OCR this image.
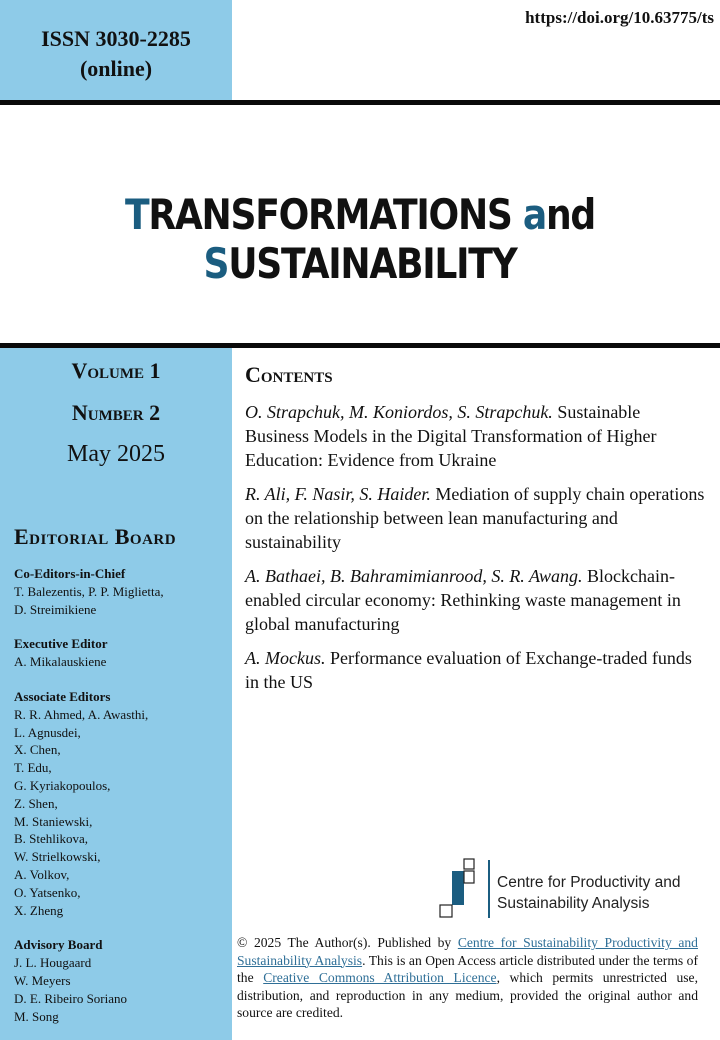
ISSN 3030-2285
(online)
https://doi.org/10.63775/ts
TRANSFORMATIONS and SUSTAINABILITY
Volume 1
Number 2
May 2025
Editorial Board
Co-Editors-in-Chief
T. Balezentis, P. P. Miglietta,
D. Streimikiene
Executive Editor
A. Mikalauskiene
Associate Editors
R. R. Ahmed, A. Awasthi,
L. Agnusdei,
X. Chen,
T. Edu,
G. Kyriakopoulos,
Z. Shen,
M. Staniewski,
B. Stehlikova,
W. Strielkowski,
A. Volkov,
O. Yatsenko,
X. Zheng
Advisory Board
J. L. Hougaard
W. Meyers
D. E. Ribeiro Soriano
M. Song
Contents
O. Strapchuk, M. Koniordos, S. Strapchuk. Sustainable Business Models in the Digital Transformation of Higher Education: Evidence from Ukraine
R. Ali, F. Nasir, S. Haider. Mediation of supply chain operations on the relationship between lean manufacturing and sustainability
A. Bathaei, B. Bahramimianrood, S. R. Awang. Blockchain-enabled circular economy: Rethinking waste management in global manufacturing
A. Mockus. Performance evaluation of Exchange-traded funds in the US
Centre for Productivity and
Sustainability Analysis
© 2025 The Author(s). Published by Centre for Sustainability Productivity and Sustainability Analysis. This is an Open Access article distributed under the terms of the Creative Commons Attribution Licence, which permits unrestricted use, distribution, and reproduction in any medium, provided the original author and source are credited.
